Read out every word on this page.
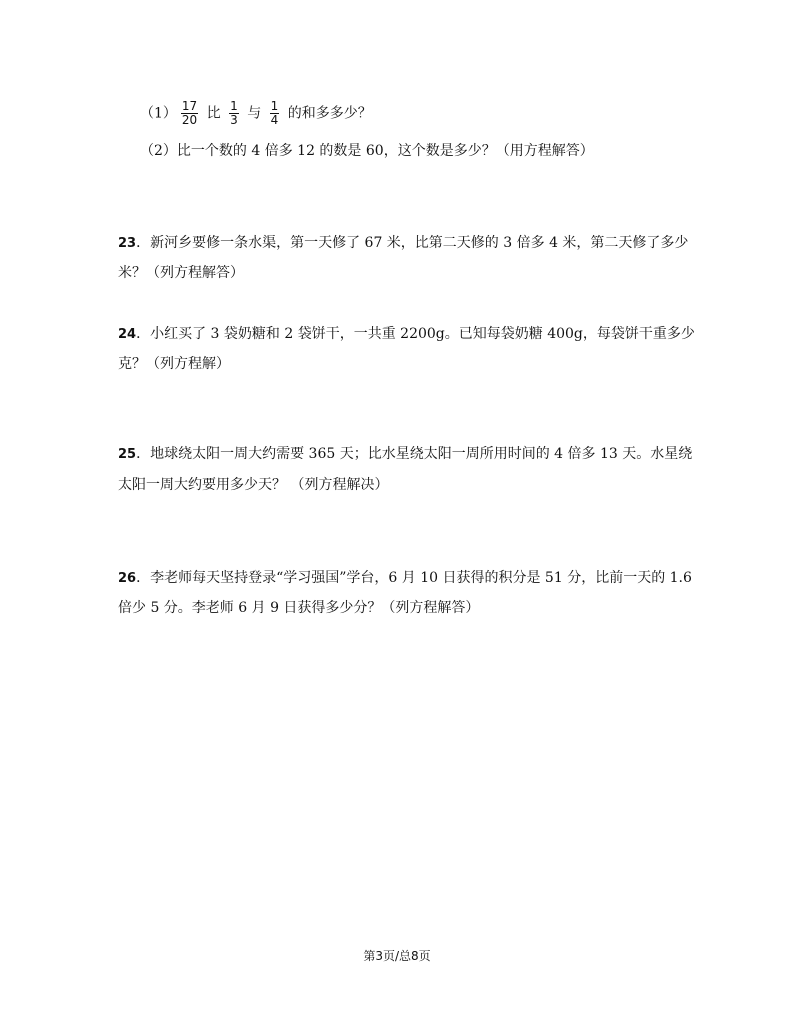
$(1) \frac{17}{20}$ 比 $\frac{1}{3}$ 与 $\frac{1}{4}$ 的和多多少？
（2）比一个数的 4 倍多 12 的数是 60，这个数是多少？（用方程解答）
23．新河乡要修一条水渠，第一天修了 67 米，比第二天修的 3 倍多 4 米，第二天修了多少
米？（列方程解答）
24．小红买了 3 袋奶糖和 2 袋饼干，一共重 2200g。已知每袋奶糖 400g，每袋饼干重多少
克？（列方程解）
25．地球绕太阳一周大约需要 365 天；比水星绕太阳一周所用时间的 4 倍多 13 天。水星绕
太阳一周大约要用多少天？ （列方程解决）
26．李老师每天坚持登录“学习强国”学台，6 月 10 日获得的积分是 51 分，比前一天的 1.6
倍少 5 分。李老师 6 月 9 日获得多少分？（列方程解答）
第3页/总8页
